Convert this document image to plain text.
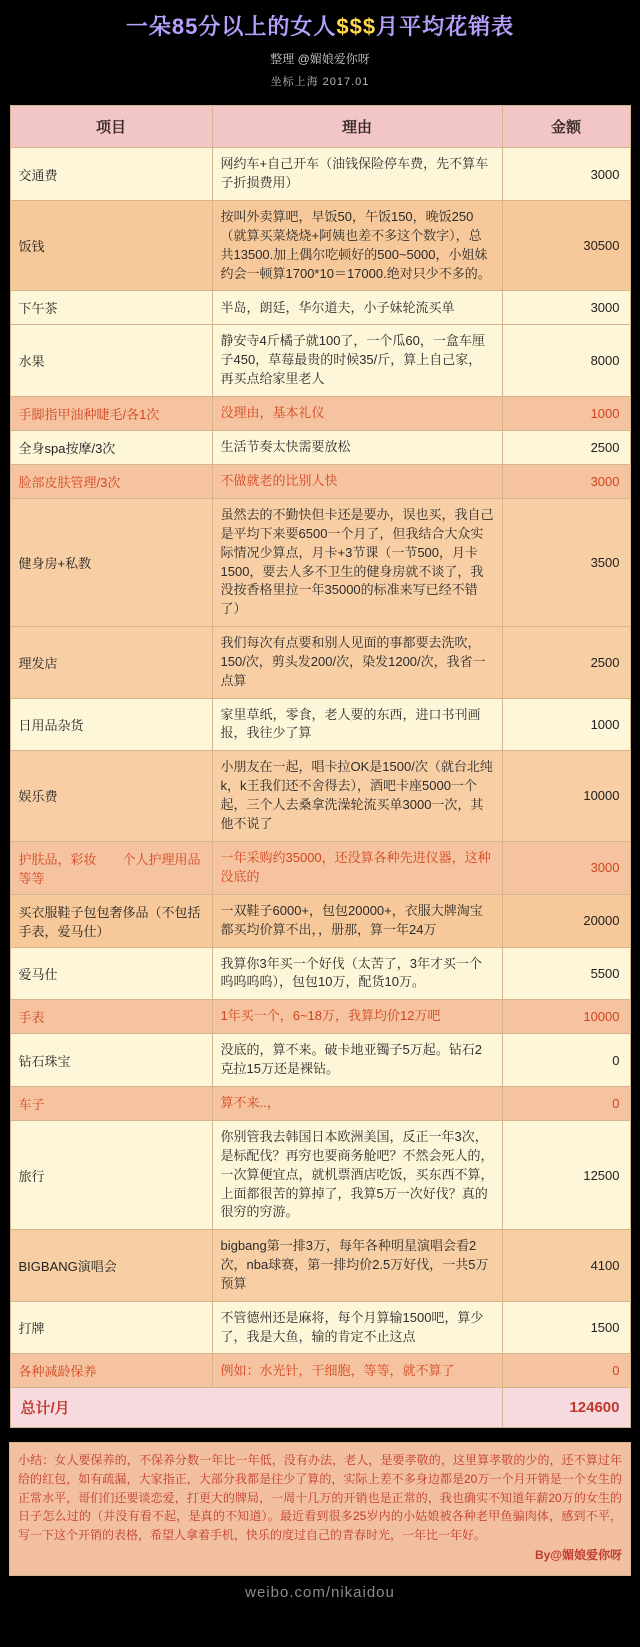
一朵85分以上的女人$$$月平均花销表
整理 @媚娘爱你呀
坐标上海 2017.01
项目	理由	金额
交通费	网约车+自己开车（油钱保险停车费，先不算车子折损费用）	3000
饭钱	按叫外卖算吧，早饭50，午饭150，晚饭250（就算买菜烧烧+阿姨也差不多这个数字），总共13500.加上偶尔吃顿好的500~5000，小姐妹约会一顿算1700*10＝17000.绝对只少不多的。	30500
下午茶	半岛，朗廷，华尔道夫，小子妹轮流买单	3000
水果	静安寺4斤橘子就100了，一个瓜60，一盒车厘子450，草莓最贵的时候35/斤，算上自己家，再买点给家里老人	8000
手脚指甲油种睫毛/各1次	没理由，基本礼仪	1000
全身spa按摩/3次	生活节奏太快需要放松	2500
脸部皮肤管理/3次	不做就老的比别人快	3000
健身房+私教	虽然去的不勤快但卡还是要办，误也买，我自己是平均下来要6500一个月了，但我结合大众实际情况少算点，月卡+3节课（一节500，月卡1500，要去人多不卫生的健身房就不谈了，我没按香格里拉一年35000的标准来写已经不错了）	3500
理发店	我们每次有点要和别人见面的事都要去洗吹，150/次，剪头发200/次，染发1200/次，我省一点算	2500
日用品杂货	家里草纸，零食，老人要的东西，进口书刊画报，我往少了算	1000
娱乐费	小朋友在一起，唱卡拉OK是1500/次（就台北纯k，k王我们还不舍得去），酒吧卡座5000一个起，三个人去桑拿洗澡轮流买单3000一次，其他不说了	10000
护肤品，彩妆　　个人护理用品等等	一年采购约35000，还没算各种先进仪器，这种没底的	3000
买衣服鞋子包包奢侈品（不包括手表，爱马仕）	一双鞋子6000+，包包20000+，衣服大牌淘宝都买均价算不出，，册那，算一年24万	20000
爱马仕	我算你3年买一个好伐（太苦了，3年才买一个呜呜呜呜），包包10万，配货10万。	5500
手表	1年买一个，6~18万，我算均价12万吧	10000
钻石珠宝	没底的，算不来。破卡地亚镯子5万起。钻石2克拉15万还是裸钻。	0
车子	算不来..，	0
旅行	你别管我去韩国日本欧洲美国，反正一年3次，是标配伐？再穷也要商务舱吧？不然会死人的，一次算便宜点，就机票酒店吃饭，买东西不算，上面都很苦的算掉了，我算5万一次好伐？真的很穷的穷游。	12500
BIGBANG演唱会	bigbang第一排3万，每年各种明星演唱会看2次，nba球赛，第一排均价2.5万好伐，一共5万预算	4100
打牌	不管德州还是麻将，每个月算输1500吧，算少了，我是大鱼，输的肯定不止这点	1500
各种减龄保养	例如：水光针，干细胞，等等，就不算了	0
总计/月		124600
小结：女人要保养的，不保养分数一年比一年低，没有办法，老人，是要孝敬的，这里算孝敬的少的，还不算过年给的红包，如有疏漏，大家指正，大部分我都是往少了算的，实际上差不多身边都是20万一个月开销是一个女生的正常水平，哥们们还要谈恋爱，打更大的牌局，一周十几万的开销也是正常的，我也确实不知道年薪20万的女生的日子怎么过的（并没有看不起，是真的不知道）。最近看到很多25岁内的小姑娘被各种老甲鱼骗肉体，感到不平，写一下这个开销的表格，希望人拿着手机，快乐的度过自己的青春时光，一年比一年好。
By@媚娘爱你呀
weibo.com/nikaidou
